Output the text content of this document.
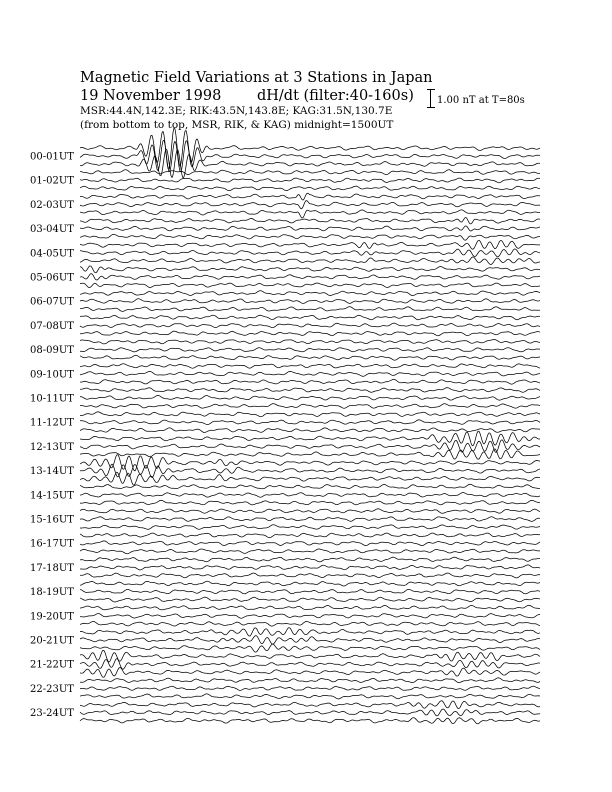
Magnetic Field Variations at 3 Stations in Japan
19 November 1998 dH/dt (filter:40-160s)
MSR:44.4N,142.3E; RIK:43.5N,143.8E; KAG:31.5N,130.7E
(from bottom to top, MSR, RIK, & KAG) midnight=1500UT
1.00 nT at T=80s
00-01UT
01-02UT
02-03UT
03-04UT
04-05UT
05-06UT
06-07UT
07-08UT
08-09UT
09-10UT
10-11UT
11-12UT
12-13UT
13-14UT
14-15UT
15-16UT
16-17UT
17-18UT
18-19UT
19-20UT
20-21UT
21-22UT
22-23UT
23-24UT
